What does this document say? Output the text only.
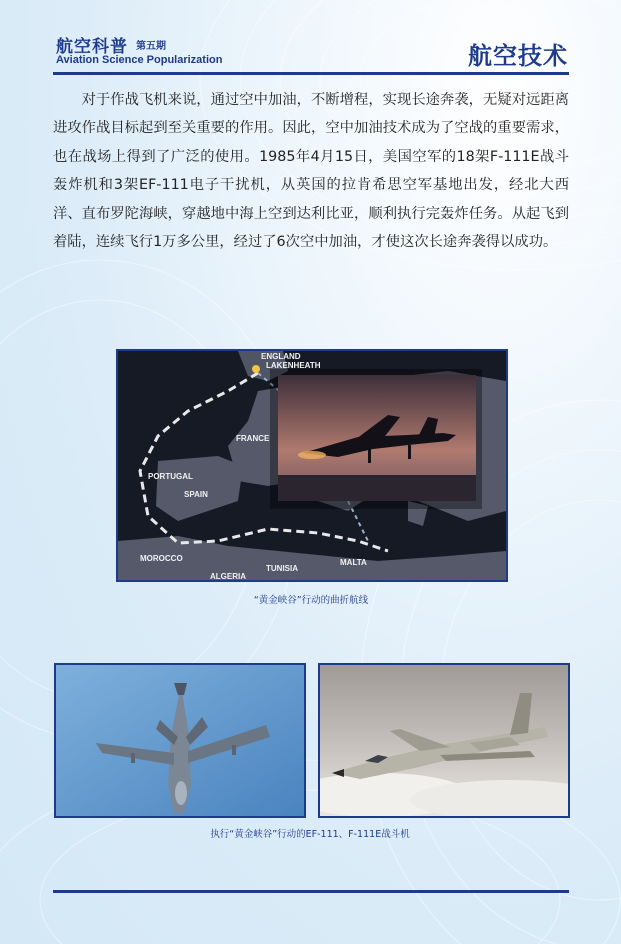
航空科普 第五期
Aviation Science Popularization	航空技术

对于作战飞机来说，通过空中加油，不断增程，实现长途奔袭，无疑对远距离进攻作战目标起到至关重要的作用。因此，空中加油技术成为了空战的重要需求，也在战场上得到了广泛的使用。1985年4月15日，美国空军的18架F-111E战斗轰炸机和3架EF-111电子干扰机，从英国的拉肯希思空军基地出发，经北大西洋、直布罗陀海峡，穿越地中海上空到达利比亚，顺利执行完轰炸任务。从起飞到着陆，连续飞行1万多公里，经过了6次空中加油，才使这次长途奔袭得以成功。

ENGLAND
LAKENHEATH
FRANCE
PORTUGAL
SPAIN
MOROCCO
ALGERIA
TUNISIA
MALTA
“黄金峡谷”行动的曲折航线
执行“黄金峡谷”行动的EF-111、F-111E战斗机
